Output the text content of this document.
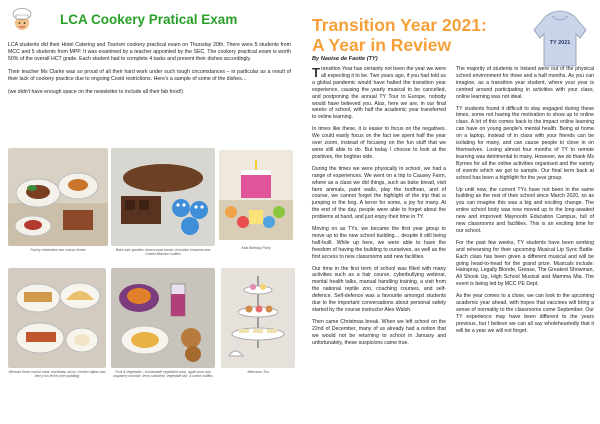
LCA Cookery Pratical Exam

LCA students did their Hotel Catering and Tourism cookery practical exam on Thursday 20th. There were 5 students from MCC and 5 students from MPP. It was examined by a teacher appointed by the SEC. The cookery practical exam is worth 50% of the overall HCT grade. Each student had to complete 4 tasks and present their dishes accordingly.

Their teacher Ms Clarke was so proud of all their hard work under such tough circumstances – in particular as a result of their lack of cookery practice due to ongoing Covid restrictions. Here's a sample of some of the dishes…

(we didn't have enough space on the newsletter to include all their fab food!)

Family celebration two course dinner	Bake sale goodies: brown soda bread, chocolate brownies and Cookie Monster muffins
Kids Birthday Party
Mexican three course meal: enchilada, tacos, chicken fajitas and berry con leche (rice pudding)
Fruit & Vegetable – homemade vegetable soup, apple pear and raspberry crumble, berry smoothie, vegetable tart, & carrot muffins
Afternoon Tea
Transition Year 2021:
A Year in Review	TY 2021
By Naoise de Faoite (TY)

Transition Year has certainly not been the year we were all expecting it to be. Two years ago, if you had told us a global pandemic would have halted the transition year experience, causing the yearly musical to be cancelled, and postponing the annual TY Tour to Europe, nobody would have believed you. Alas, here we are, in our final weeks of school, with half the academic year transferred to online learning.

In times like these, it is easier to focus on the negatives. We could easily focus on the fact we spent half the year over zoom, instead of focusing on the fun stuff that we were still able to do. But today I choose to look at the positives, the brighter side.

During the times we were physically in school, we had a range of experiences. We went on a trip to Causey Farm, where as a class we did things, such as bake bread, visit farm animals, paint walls, play the bodhran, and of course, we cannot forget the highlight of the trip that is jumping in the bog. A terror for some, a joy for many. At the end of the day, people were able to forget about the problems at hand, and just enjoy their time in TY.

Moving on as TYs, we became the first year group to move up to the new school building… despite it still being half-built. While up here, we were able to have the freedom of having the building to ourselves, as well as the first access to new classrooms and new facilities.

Our time in the first term of school was filled with many activities such as a hair course, cyberbullying webinar, mental health talks, manual handling training, a visit from the national reptile zoo, coaching courses, and self-defence. Self-defence was a favourite amongst students due to the important conversations about personal safety started by the course instructor Alex Walsh.

Then came Christmas break. When we left school on the 22nd of December, many of us already had a notion that we would not be returning to school in January and unfortunately, these suspicions came true.

The majority of students in Ireland were out of the physical school environment for three and a half months. As you can imagine, as a transition year student, where your year is centred around participating in activities with your class, online learning was not ideal.

TY students found it difficult to stay engaged during these times, some not having the motivation to show up to online class. A lot of this comes back to the impact online learning can have on young people's mental health. Being at home on a laptop, instead of in class with your friends can be isolating for many, and can cause people to close in on themselves. Losing almost four months of TY to remote learning was detrimental to many. However, we do thank Ms Byrnes for all the online activities organised and the variety of events which we got to sample. Our final term back at school has been a highlight for the year group.

Up until now, the current TYs have not been in the same building as the rest of their school since March 2020, so as you can imagine this was a big and exciting change. The entire school body was now moved up to the long-awaited new and improved Maynooth Education Campus, full of new classrooms and facilities. This is an exciting time for our school.

For the past few weeks, TY students have been working and rehearsing for their upcoming Musical Lip Sync Battle. Each class has been given a different musical and will be going head-to-head for the grand prize. Musicals include: Hairspray, Legally Blonde, Grease, The Greatest Showman, All Shook Up, High School Musical and Mamma Mia. The event is being led by MCC PE Dept.

As the year comes to a close, we can look to the upcoming academic year ahead, with hopes that vaccines will bring a sense of normality to the classrooms come September. Our TY experience may have been different to the years previous, but I believe we can all say wholeheartedly that it will be a year we will not forget.
